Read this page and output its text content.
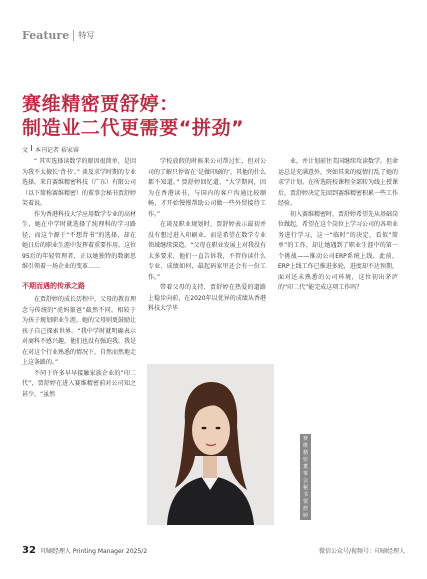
Feature 特写
赛维精密贾舒婷：
制造业二代更需要“拼劲”
文 本刊记者 裕家睿

“ 其实选择读数学的原因很简单，是因为我不太擅长‘背书’。” 谈及求学时期的专业选择，来自赛维精密科技（广东）有限公司（以下简称赛维精密）的董事会秘书贾舒婷笑着说。

作为香港科技大学应用数学专业的高材生，她在中学时就选择了纯理科的学习路径，而这个源于“不想背书”的选择，却在她日后的职业生涯中发挥着重要作用。这位95后的年轻管理者，正以她独特的数据思维引领着一场企业的变革……

不期而遇的传承之路

在贾舒婷的成长历程中，父母的教育理念与传统的“虎妈狼爸”截然不同。相较于为孩子规划职业生涯，她的父母则更鼓励让孩子自己探索世界。“我中学时就明确表示对商科不感兴趣，他们也没有强迫我。我是在对这个行业熟悉的情况下，自然而然地走上这条路的。”

不同于许多早早接触家族企业的“印二代”，贾舒婷在进入赛维精密前对公司知之甚少，“虽然

学校放假的时候来公司帮过忙，但对公司的了解只停留在‘是做印刷的’，其他的什么都不知道。” 贾舒婷回忆道，“大学期间，因为在香港读书，与国内的客户沟通比较顺畅，才开始慢慢帮助公司做一些外贸接待工作。”

在谈及职业规划时，贾舒婷表示最初并没有想过进入印刷业，而是希望在数学专业领域继续深造。“父母在职业发展上对我没有太多要求，他们一直告诉我，不管你读什么专业、成绩如何，最起码家里还会有一份工作。”

带着父母的支持，贾舒婷在热爱的道路上稳步向前，在2020年以优异的成绩从香港科技大学毕

业，并计划前往美国继续攻读数学。但命运总是充满意外，突如其来的疫情打乱了她的求学计划。在所选院校课程全部转为线上授课后，贾舒婷决定先回到赛维精密积累一些工作经验。

初入赛维精密时，贾舒婷希望先从基础岗位做起，希望在这个岗位上学习公司的各项业务进行学习，这一“临时”的决定，看似“简单”的工作，却让她遇到了职业生涯中的第一个挑战——推动公司ERP系统上线。此前，ERP上线工作已推进多轮，进度却不达预期，面对还未熟悉的公司环境，这位初出茅庐的“印二代”能完成这项工作吗？

赛维精密董事会秘书贾舒婷
32 印刷经理人 Printing Manager 2025/2	微信公众号/视频号：印刷经理人
